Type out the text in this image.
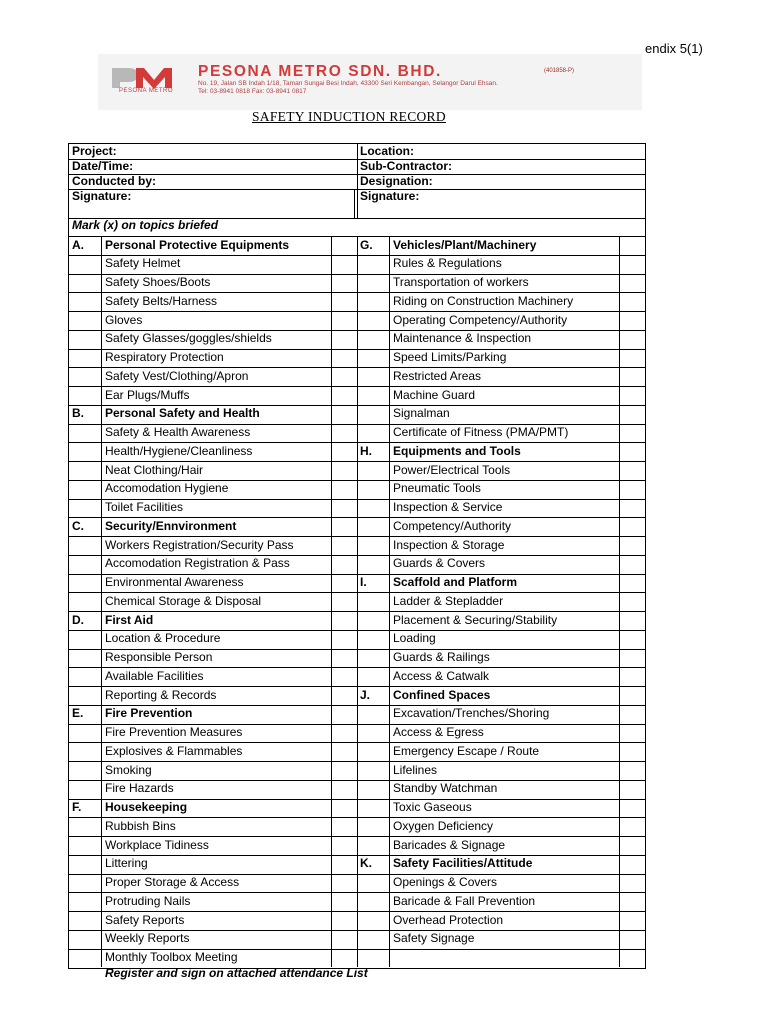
endix 5(1)
PESONA METRO
PESONA METRO SDN. BHD.	(401858-P)
No. 19, Jalan SB Indah 1/18, Taman Sungai Besi Indah, 43300 Seri Kembangan, Selangor Darul Ehsan.
Tel: 03-8941 0818 Fax: 03-8941 0817
SAFETY INDUCTION RECORD
Project:
Date/Time:
Conducted by:
Signature:
Location:
Sub-Contractor:
Designation:
Signature:
Mark (x) on topics briefed
A. Personal Protective Equipments
Safety Helmet
Safety Shoes/Boots
Safety Belts/Harness
Gloves
Safety Glasses/goggles/shields
Respiratory Protection
Safety Vest/Clothing/Apron
Ear Plugs/Muffs
B. Personal Safety and Health
Safety & Health Awareness
Health/Hygiene/Cleanliness
Neat Clothing/Hair
Accomodation Hygiene
Toilet Facilities
C. Security/Ennvironment
Workers Registration/Security Pass
Accomodation Registration & Pass
Environmental Awareness
Chemical Storage & Disposal
D. First Aid
Location & Procedure
Responsible Person
Available Facilities
Reporting & Records
E. Fire Prevention
Fire Prevention Measures
Explosives & Flammables
Smoking
Fire Hazards
F. Housekeeping
Rubbish Bins
Workplace Tidiness
Littering
Proper Storage & Access
Protruding Nails
Safety Reports
Weekly Reports
Monthly Toolbox Meeting
G. Vehicles/Plant/Machinery
Rules & Regulations
Transportation of workers
Riding on Construction Machinery
Operating Competency/Authority
Maintenance & Inspection
Speed Limits/Parking
Restricted Areas
Machine Guard
Signalman
Certificate of Fitness (PMA/PMT)
H. Equipments and Tools
Power/Electrical Tools
Pneumatic Tools
Inspection & Service
Competency/Authority
Inspection & Storage
Guards & Covers
I. Scaffold and Platform
Ladder & Stepladder
Placement & Securing/Stability
Loading
Guards & Railings
Access & Catwalk
J. Confined Spaces
Excavation/Trenches/Shoring
Access & Egress
Emergency Escape / Route
Lifelines
Standby Watchman
Toxic Gaseous
Oxygen Deficiency
Baricades & Signage
K. Safety Facilities/Attitude
Openings & Covers
Baricade & Fall Prevention
Overhead Protection
Safety Signage
Register and sign on attached attendance List
